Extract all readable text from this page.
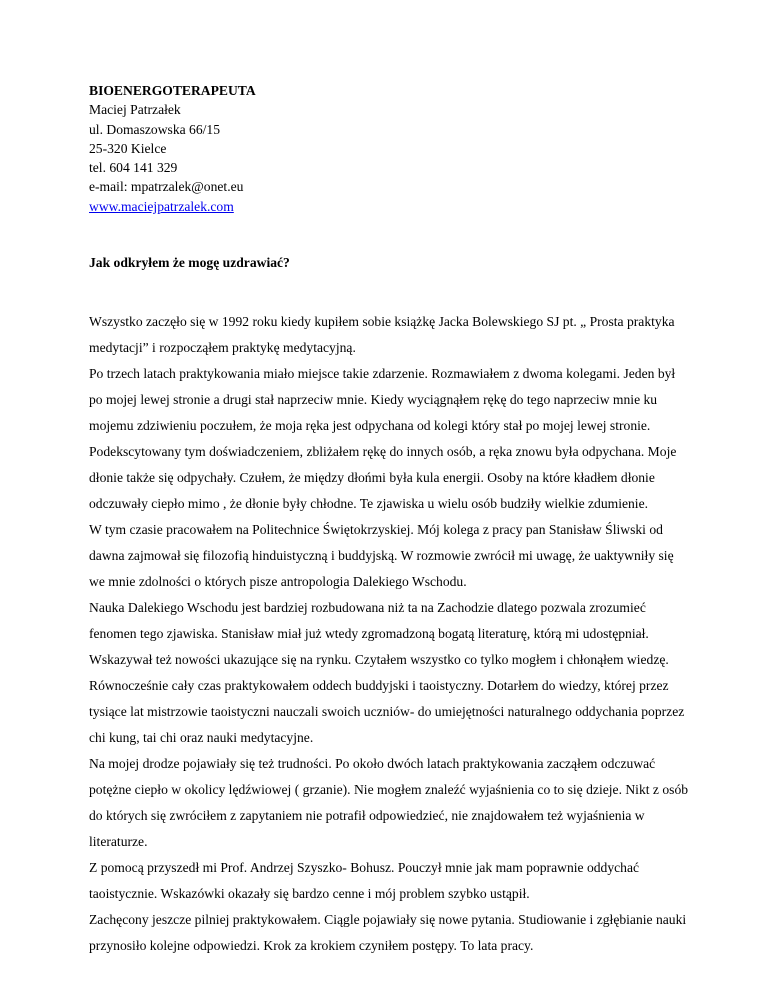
BIOENERGOTERAPEUTA
Maciej Patrzałek
ul. Domaszowska 66/15
25-320 Kielce
tel. 604 141 329
e-mail: mpatrzalek@onet.eu
www.maciejpatrzalek.com
Jak odkryłem że mogę uzdrawiać?

Wszystko zaczęło się w 1992 roku kiedy kupiłem sobie książkę Jacka Bolewskiego SJ pt. „ Prosta praktyka medytacji” i rozpocząłem praktykę medytacyjną.

Po trzech latach praktykowania miało miejsce takie zdarzenie. Rozmawiałem z dwoma kolegami. Jeden był po mojej lewej stronie a drugi stał naprzeciw mnie. Kiedy wyciągnąłem rękę do tego naprzeciw mnie ku mojemu zdziwieniu poczułem, że moja ręka jest odpychana od kolegi który stał po mojej lewej stronie.

Podekscytowany tym doświadczeniem, zbliżałem rękę do innych osób, a ręka znowu była odpychana. Moje dłonie także się odpychały. Czułem, że między dłońmi była kula energii. Osoby na które kładłem dłonie odczuwały ciepło mimo , że dłonie były chłodne. Te zjawiska u wielu osób budziły wielkie zdumienie.

W tym czasie pracowałem na Politechnice Świętokrzyskiej. Mój kolega z pracy pan Stanisław Śliwski od dawna zajmował się filozofią hinduistyczną i buddyjską. W rozmowie zwrócił mi uwagę, że uaktywniły się we mnie zdolności o których pisze antropologia Dalekiego Wschodu.

Nauka Dalekiego Wschodu jest bardziej rozbudowana niż ta na Zachodzie dlatego pozwala zrozumieć fenomen tego zjawiska. Stanisław miał już wtedy zgromadzoną bogatą literaturę, którą mi udostępniał. Wskazywał też nowości ukazujące się na rynku. Czytałem wszystko co tylko mogłem i chłonąłem wiedzę. Równocześnie cały czas praktykowałem oddech buddyjski i taoistyczny. Dotarłem do wiedzy, której przez tysiące lat mistrzowie taoistyczni nauczali swoich uczniów- do umiejętności naturalnego oddychania poprzez chi kung, tai chi oraz nauki medytacyjne.

Na mojej drodze pojawiały się też trudności. Po około dwóch latach praktykowania zacząłem odczuwać potężne ciepło w okolicy lędźwiowej ( grzanie). Nie mogłem znaleźć wyjaśnienia co to się dzieje. Nikt z osób do których się zwróciłem z zapytaniem nie potrafił odpowiedzieć, nie znajdowałem też wyjaśnienia w literaturze.

Z pomocą przyszedł mi Prof. Andrzej Szyszko- Bohusz. Pouczył mnie jak mam poprawnie oddychać taoistycznie. Wskazówki okazały się bardzo cenne i mój problem szybko ustąpił.

Zachęcony jeszcze pilniej praktykowałem. Ciągle pojawiały się nowe pytania. Studiowanie i zgłębianie nauki przynosiło kolejne odpowiedzi. Krok za krokiem czyniłem postępy. To lata pracy.
